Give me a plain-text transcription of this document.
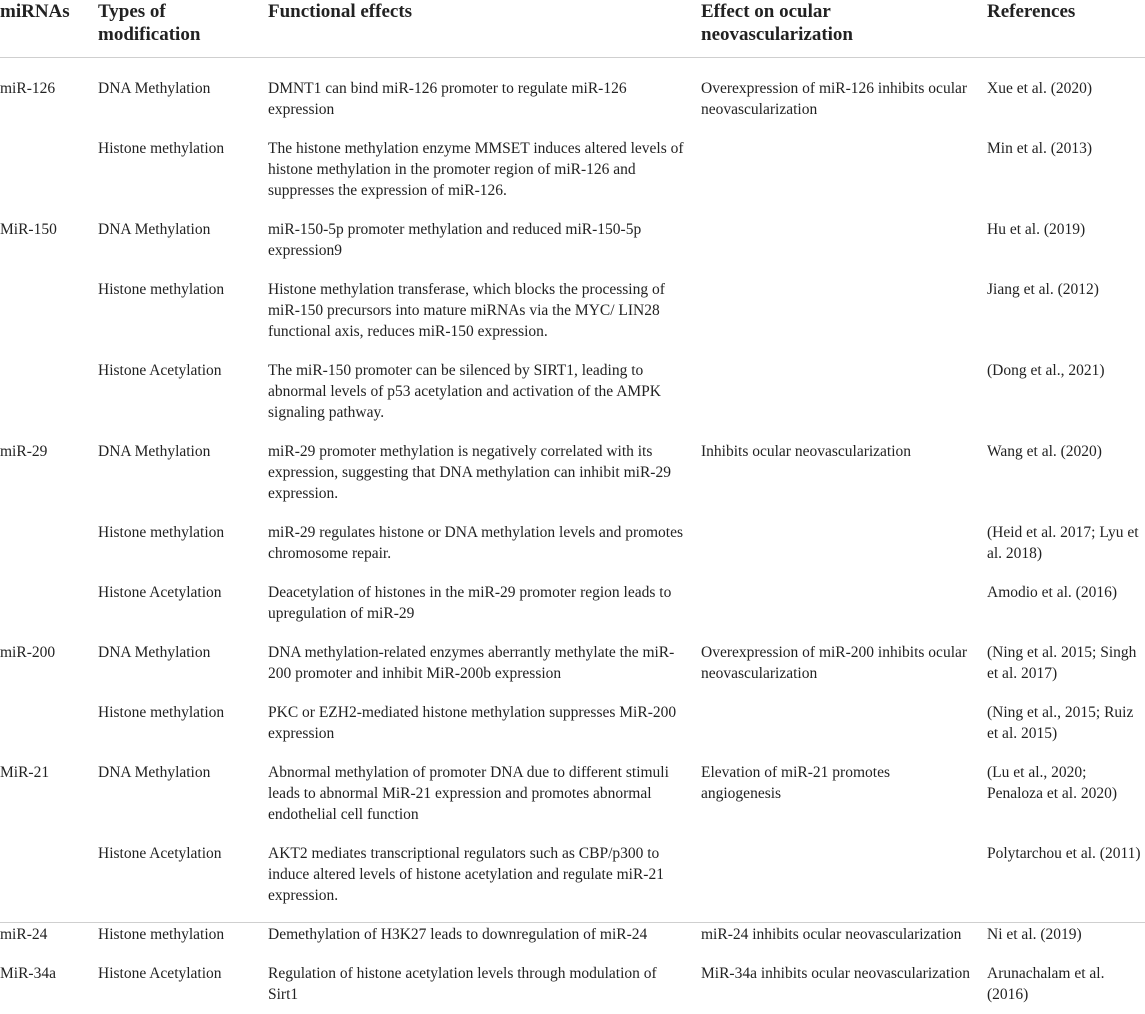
miRNAs	Types of modification	Functional effects	Effect on ocular neovascularization	References
miR-126	DNA Methylation	DMNT1 can bind miR-126 promoter to regulate miR-126 expression	Overexpression of miR-126 inhibits ocular neovascularization	Xue et al. (2020)
	Histone methylation	The histone methylation enzyme MMSET induces altered levels of histone methylation in the promoter region of miR-126 and suppresses the expression of miR-126.		Min et al. (2013)
MiR-150	DNA Methylation	miR-150-5p promoter methylation and reduced miR-150-5p expression9		Hu et al. (2019)
	Histone methylation	Histone methylation transferase, which blocks the processing of miR-150 precursors into mature miRNAs via the MYC/ LIN28 functional axis, reduces miR-150 expression.		Jiang et al. (2012)
	Histone Acetylation	The miR-150 promoter can be silenced by SIRT1, leading to abnormal levels of p53 acetylation and activation of the AMPK signaling pathway.		(Dong et al., 2021)
miR-29	DNA Methylation	miR-29 promoter methylation is negatively correlated with its expression, suggesting that DNA methylation can inhibit miR-29 expression.	Inhibits ocular neovascularization	Wang et al. (2020)
	Histone methylation	miR-29 regulates histone or DNA methylation levels and promotes chromosome repair.		(Heid et al. 2017; Lyu et al. 2018)
	Histone Acetylation	Deacetylation of histones in the miR-29 promoter region leads to upregulation of miR-29		Amodio et al. (2016)
miR-200	DNA Methylation	DNA methylation-related enzymes aberrantly methylate the miR-200 promoter and inhibit MiR-200b expression	Overexpression of miR-200 inhibits ocular neovascularization	(Ning et al. 2015; Singh et al. 2017)
	Histone methylation	PKC or EZH2-mediated histone methylation suppresses MiR-200 expression		(Ning et al., 2015; Ruiz et al. 2015)
MiR-21	DNA Methylation	Abnormal methylation of promoter DNA due to different stimuli leads to abnormal MiR-21 expression and promotes abnormal endothelial cell function	Elevation of miR-21 promotes angiogenesis	(Lu et al., 2020; Penaloza et al. 2020)
	Histone Acetylation	AKT2 mediates transcriptional regulators such as CBP/p300 to induce altered levels of histone acetylation and regulate miR-21 expression.		Polytarchou et al. (2011)
miR-24	Histone methylation	Demethylation of H3K27 leads to downregulation of miR-24	miR-24 inhibits ocular neovascularization	Ni et al. (2019)
MiR-34a	Histone Acetylation	Regulation of histone acetylation levels through modulation of Sirt1	MiR-34a inhibits ocular neovascularization	Arunachalam et al. (2016)
